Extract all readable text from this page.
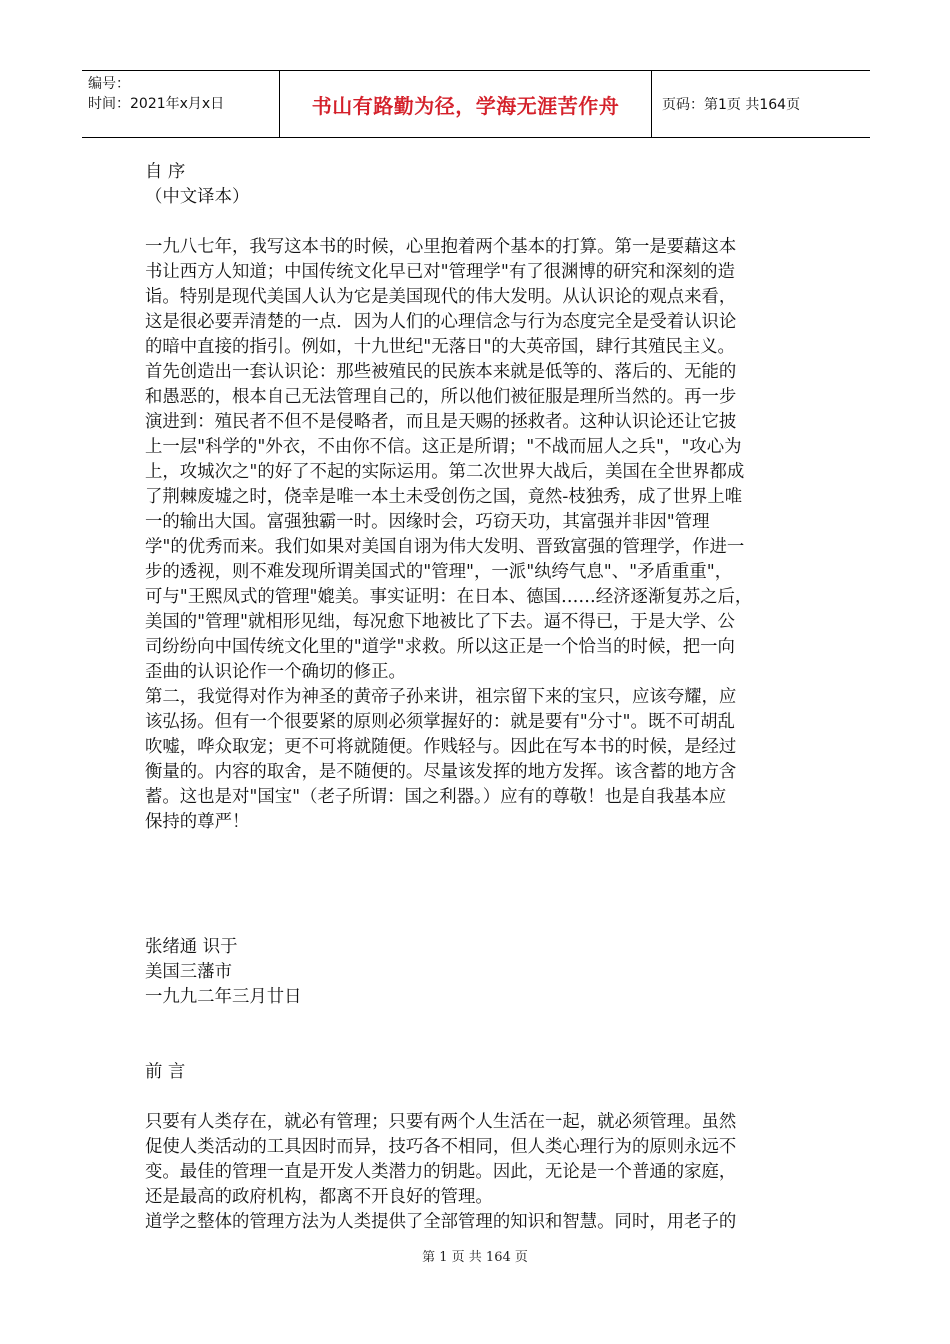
编号：
时间：2021年x月x日	书山有路勤为径，学海无涯苦作舟	页码：第1页 共164页
自 序
（中文译本）
一九八七年，我写这本书的时候，心里抱着两个基本的打算。第一是要藉这本
书让西方人知道；中国传统文化早已对"管理学"有了很渊博的研究和深刻的造
诣。特别是现代美国人认为它是美国现代的伟大发明。从认识论的观点来看，
这是很必要弄清楚的一点．因为人们的心理信念与行为态度完全是受着认识论
的暗中直接的指引。例如，十九世纪"无落日"的大英帝国，肆行其殖民主义。
首先创造出一套认识论：那些被殖民的民族本来就是低等的、落后的、无能的
和愚恶的，根本自己无法管理自己的，所以他们被征服是理所当然的。再一步
演进到：殖民者不但不是侵略者，而且是天赐的拯救者。这种认识论还让它披
上一层"科学的"外衣，不由你不信。这正是所谓；"不战而屈人之兵"，"攻心为
上，攻城次之"的好了不起的实际运用。第二次世界大战后，美国在全世界都成
了荆棘废墟之时，侥幸是唯一本土未受创伤之国，竟然-枝独秀，成了世界上唯
一的输出大国。富强独霸一时。因缘时会，巧窃天功，其富强并非因"管理
学"的优秀而来。我们如果对美国自诩为伟大发明、晋致富强的管理学，作进一
步的透视，则不难发现所谓美国式的"管理"，一派"纨绔气息"、"矛盾重重"，
可与"王熙凤式的管理"媲美。事实证明：在日本、德国……经济逐渐复苏之后，
美国的"管理"就相形见绌，每况愈下地被比了下去。逼不得已，于是大学、公
司纷纷向中国传统文化里的"道学"求救。所以这正是一个恰当的时候，把一向
歪曲的认识论作一个确切的修正。
第二，我觉得对作为神圣的黄帝子孙来讲，祖宗留下来的宝只，应该夸耀，应
该弘扬。但有一个很要紧的原则必须掌握好的：就是要有"分寸"。既不可胡乱
吹嘘，哗众取宠；更不可将就随便。作贱轻与。因此在写本书的时候，是经过
衡量的。内容的取舍，是不随便的。尽量该发挥的地方发挥。该含蓄的地方含
蓄。这也是对"国宝"（老子所谓：国之利器。）应有的尊敬！也是自我基本应
保持的尊严！
张绪通 识于
美国三藩市
一九九二年三月廿日
前 言
只要有人类存在，就必有管理；只要有两个人生活在一起，就必须管理。虽然
促使人类活动的工具因时而异，技巧各不相同，但人类心理行为的原则永远不
变。最佳的管理一直是开发人类潜力的钥匙。因此，无论是一个普通的家庭，
还是最高的政府机构，都离不开良好的管理。
道学之整体的管理方法为人类提供了全部管理的知识和智慧。同时，用老子的
第 1 页 共 164 页
